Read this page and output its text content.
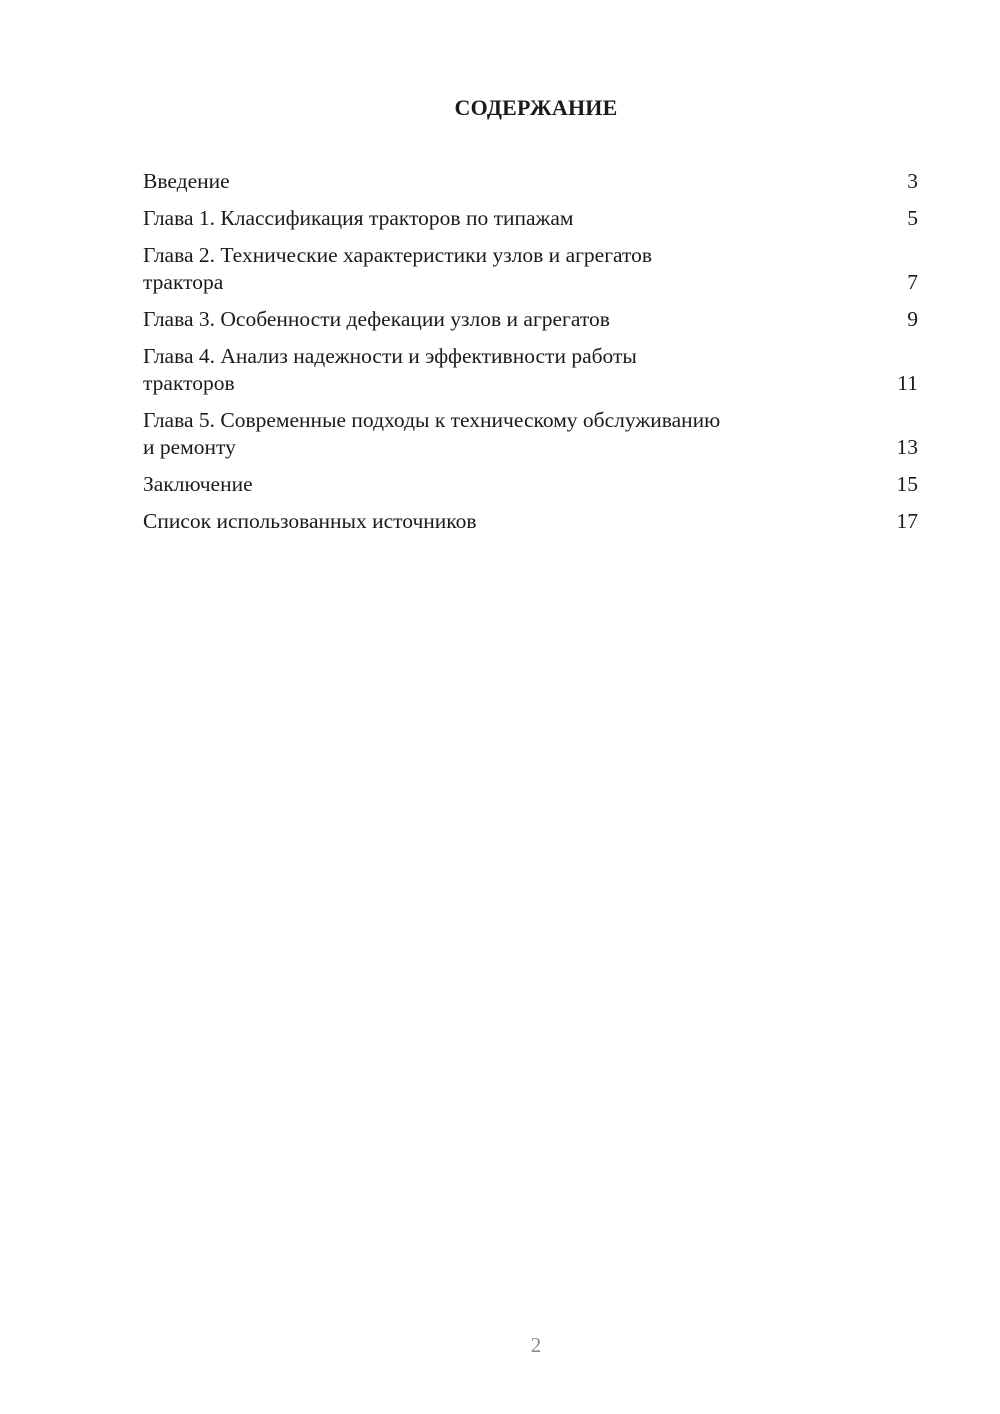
СОДЕРЖАНИЕ
Введение	3
Глава 1. Классификация тракторов по типажам	5
Глава 2. Технические характеристики узлов и агрегатов
трактора	7
Глава 3. Особенности дефекации узлов и агрегатов	9
Глава 4. Анализ надежности и эффективности работы
тракторов	11
Глава 5. Современные подходы к техническому обслуживанию
и ремонту	13
Заключение	15
Список использованных источников	17
2
